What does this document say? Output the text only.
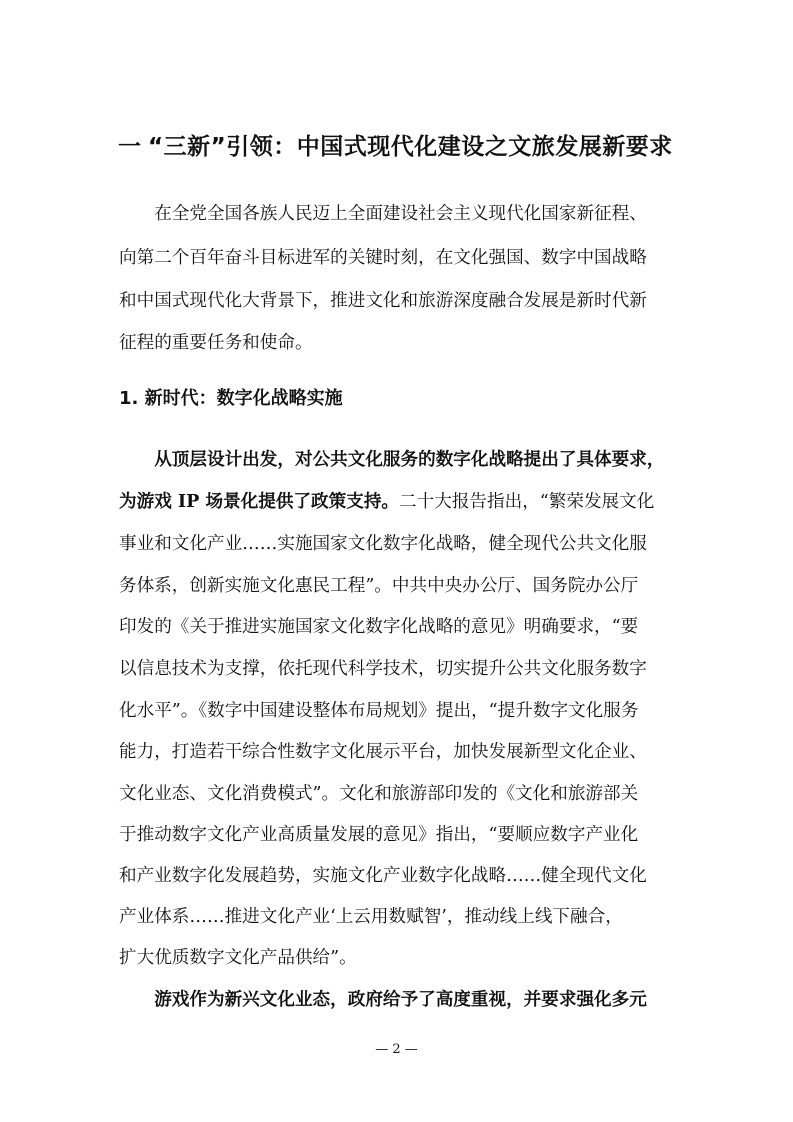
一 “三新”引领：中国式现代化建设之文旅发展新要求
　　在全党全国各族人民迈上全面建设社会主义现代化国家新征程、
向第二个百年奋斗目标进军的关键时刻，在文化强国、数字中国战略
和中国式现代化大背景下，推进文化和旅游深度融合发展是新时代新
征程的重要任务和使命。
1. 新时代：数字化战略实施
　　从顶层设计出发，对公共文化服务的数字化战略提出了具体要求，
为游戏 IP 场景化提供了政策支持。二十大报告指出，“繁荣发展文化
事业和文化产业……实施国家文化数字化战略，健全现代公共文化服
务体系，创新实施文化惠民工程”。中共中央办公厅、国务院办公厅
印发的《关于推进实施国家文化数字化战略的意见》明确要求，“要
以信息技术为支撑，依托现代科学技术，切实提升公共文化服务数字
化水平”。《数字中国建设整体布局规划》提出，“提升数字文化服务
能力，打造若干综合性数字文化展示平台，加快发展新型文化企业、
文化业态、文化消费模式”。文化和旅游部印发的《文化和旅游部关
于推动数字文化产业高质量发展的意见》指出，“要顺应数字产业化
和产业数字化发展趋势，实施文化产业数字化战略……健全现代文化
产业体系……推进文化产业‘上云用数赋智’，推动线上线下融合，
扩大优质数字文化产品供给”。
　　游戏作为新兴文化业态，政府给予了高度重视，并要求强化多元
— 2 —
